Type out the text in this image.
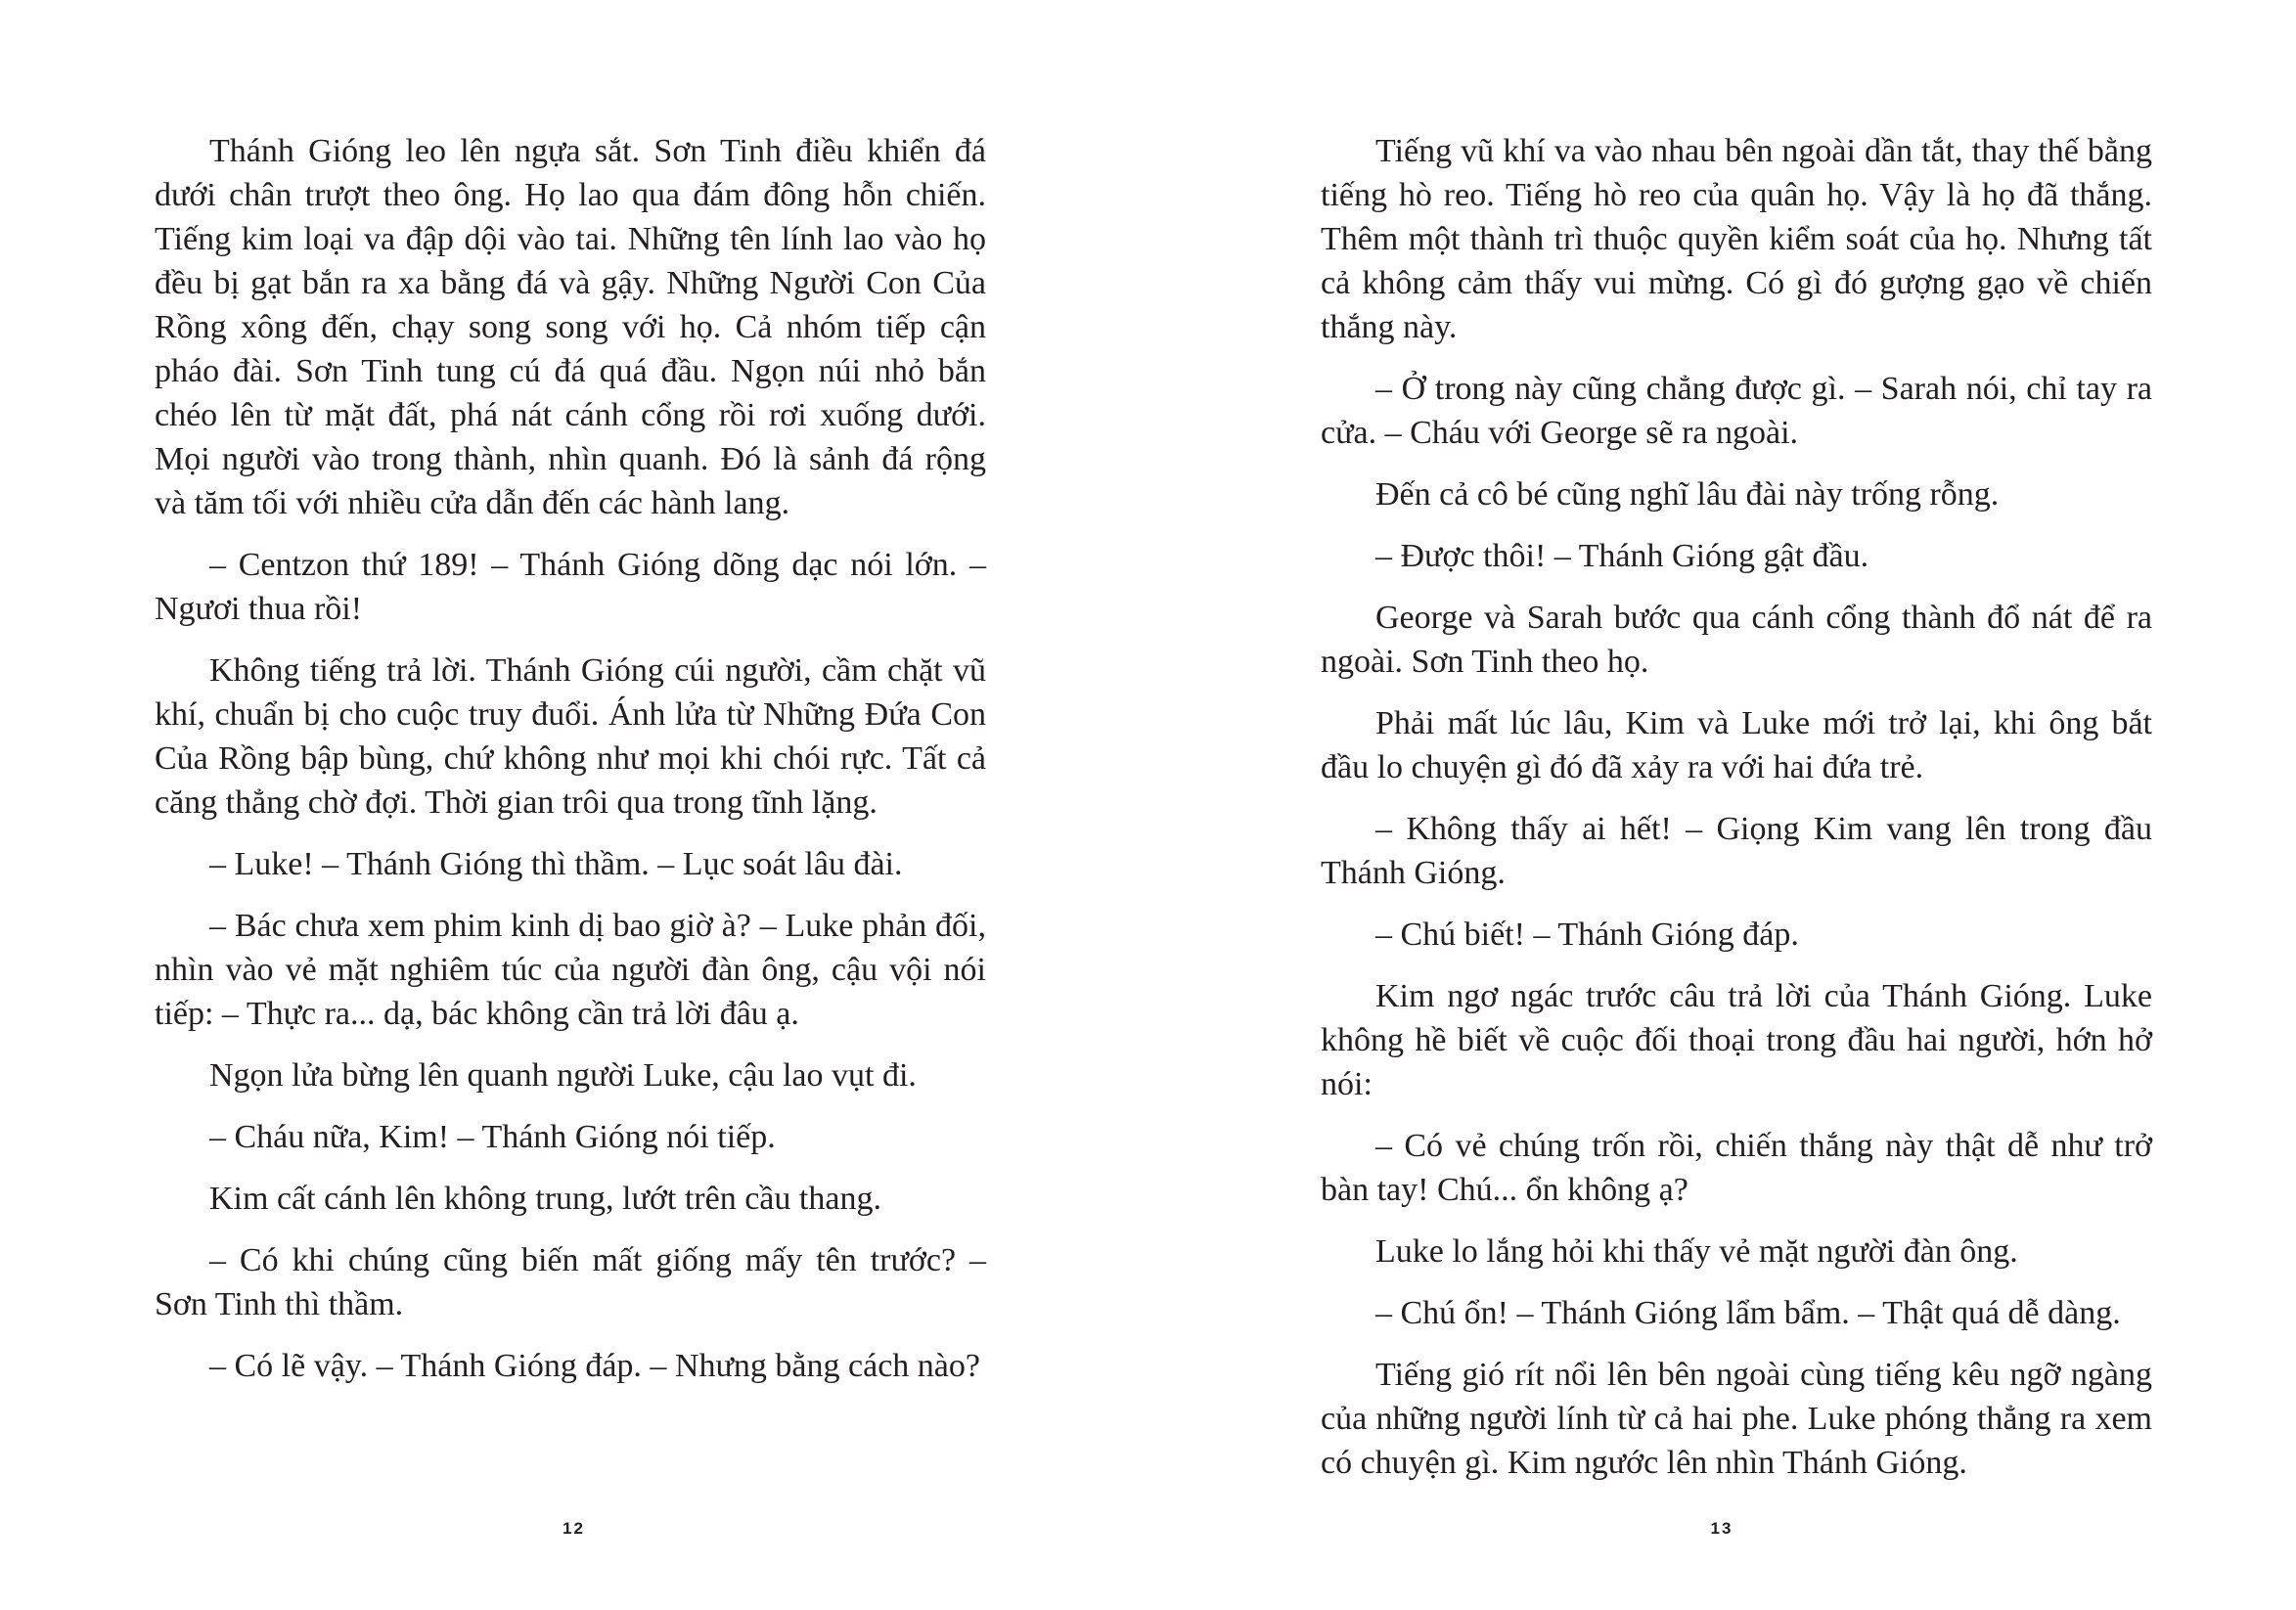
Thánh Gióng leo lên ngựa sắt. Sơn Tinh điều khiển đá dưới chân trượt theo ông. Họ lao qua đám đông hỗn chiến. Tiếng kim loại va đập dội vào tai. Những tên lính lao vào họ đều bị gạt bắn ra xa bằng đá và gậy. Những Người Con Của Rồng xông đến, chạy song song với họ. Cả nhóm tiếp cận pháo đài. Sơn Tinh tung cú đá quá đầu. Ngọn núi nhỏ bắn chéo lên từ mặt đất, phá nát cánh cổng rồi rơi xuống dưới. Mọi người vào trong thành, nhìn quanh. Đó là sảnh đá rộng và tăm tối với nhiều cửa dẫn đến các hành lang.

– Centzon thứ 189! – Thánh Gióng dõng dạc nói lớn. – Ngươi thua rồi!

Không tiếng trả lời. Thánh Gióng cúi người, cầm chặt vũ khí, chuẩn bị cho cuộc truy đuổi. Ánh lửa từ Những Đứa Con Của Rồng bập bùng, chứ không như mọi khi chói rực. Tất cả căng thẳng chờ đợi. Thời gian trôi qua trong tĩnh lặng.

– Luke! – Thánh Gióng thì thầm. – Lục soát lâu đài.

– Bác chưa xem phim kinh dị bao giờ à? – Luke phản đối, nhìn vào vẻ mặt nghiêm túc của người đàn ông, cậu vội nói tiếp: – Thực ra... dạ, bác không cần trả lời đâu ạ.

Ngọn lửa bừng lên quanh người Luke, cậu lao vụt đi.

– Cháu nữa, Kim! – Thánh Gióng nói tiếp.

Kim cất cánh lên không trung, lướt trên cầu thang.

– Có khi chúng cũng biến mất giống mấy tên trước? – Sơn Tinh thì thầm.

– Có lẽ vậy. – Thánh Gióng đáp. – Nhưng bằng cách nào?

12

Tiếng vũ khí va vào nhau bên ngoài dần tắt, thay thế bằng tiếng hò reo. Tiếng hò reo của quân họ. Vậy là họ đã thắng. Thêm một thành trì thuộc quyền kiểm soát của họ. Nhưng tất cả không cảm thấy vui mừng. Có gì đó gượng gạo về chiến thắng này.

– Ở trong này cũng chẳng được gì. – Sarah nói, chỉ tay ra cửa. – Cháu với George sẽ ra ngoài.

Đến cả cô bé cũng nghĩ lâu đài này trống rỗng.

– Được thôi! – Thánh Gióng gật đầu.

George và Sarah bước qua cánh cổng thành đổ nát để ra ngoài. Sơn Tinh theo họ.

Phải mất lúc lâu, Kim và Luke mới trở lại, khi ông bắt đầu lo chuyện gì đó đã xảy ra với hai đứa trẻ.

– Không thấy ai hết! – Giọng Kim vang lên trong đầu Thánh Gióng.

– Chú biết! – Thánh Gióng đáp.

Kim ngơ ngác trước câu trả lời của Thánh Gióng. Luke không hề biết về cuộc đối thoại trong đầu hai người, hớn hở nói:

– Có vẻ chúng trốn rồi, chiến thắng này thật dễ như trở bàn tay! Chú... ổn không ạ?

Luke lo lắng hỏi khi thấy vẻ mặt người đàn ông.

– Chú ổn! – Thánh Gióng lẩm bẩm. – Thật quá dễ dàng.

Tiếng gió rít nổi lên bên ngoài cùng tiếng kêu ngỡ ngàng của những người lính từ cả hai phe. Luke phóng thẳng ra xem có chuyện gì. Kim ngước lên nhìn Thánh Gióng.

13
